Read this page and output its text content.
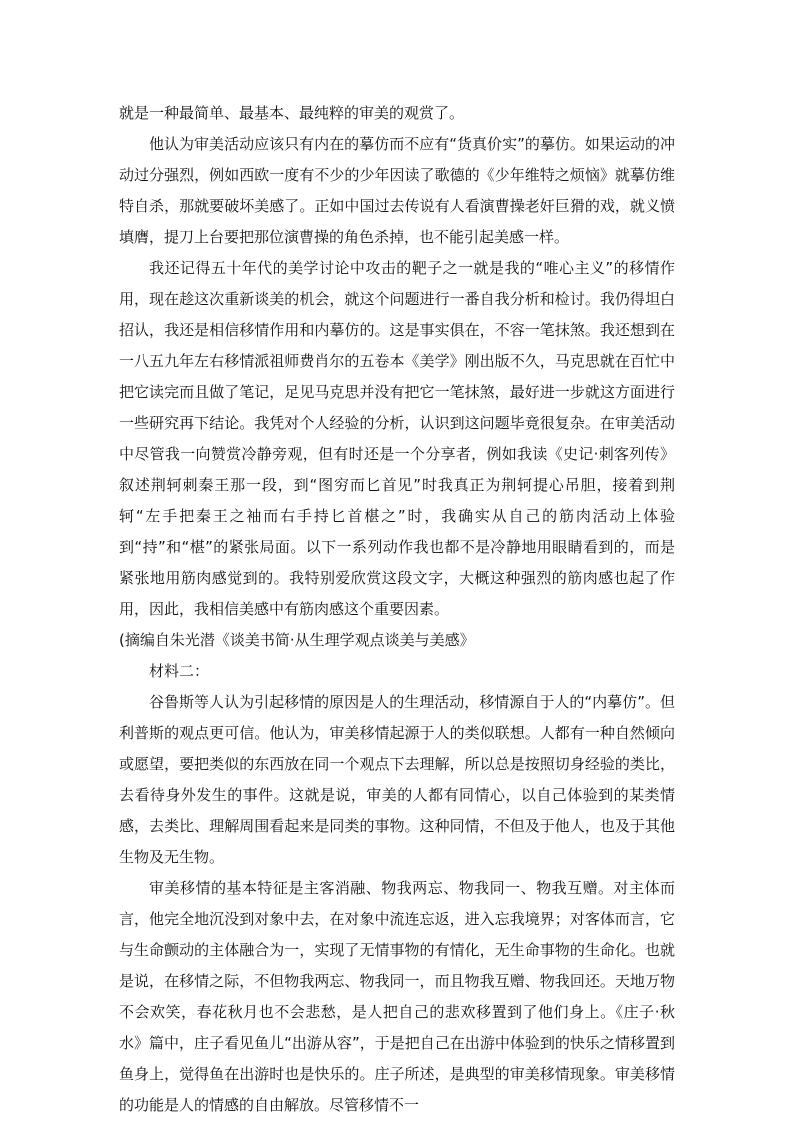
就是一种最简单、最基本、最纯粹的审美的观赏了。

他认为审美活动应该只有内在的摹仿而不应有“货真价实”的摹仿。如果运动的冲动过分强烈，例如西欧一度有不少的少年因读了歌德的《少年维特之烦恼》就摹仿维特自杀，那就要破坏美感了。正如中国过去传说有人看演曹操老奸巨猾的戏，就义愤填膺，提刀上台要把那位演曹操的角色杀掉，也不能引起美感一样。

我还记得五十年代的美学讨论中攻击的靶子之一就是我的“唯心主义”的移情作用，现在趁这次重新谈美的机会，就这个问题进行一番自我分析和检讨。我仍得坦白招认，我还是相信移情作用和内摹仿的。这是事实俱在，不容一笔抹煞。我还想到在一八五九年左右移情派祖师费肖尔的五卷本《美学》刚出版不久，马克思就在百忙中把它读完而且做了笔记，足见马克思并没有把它一笔抹煞，最好进一步就这方面进行一些研究再下结论。我凭对个人经验的分析，认识到这问题毕竟很复杂。在审美活动中尽管我一向赞赏冷静旁观，但有时还是一个分享者，例如我读《史记·刺客列传》叙述荆轲刺秦王那一段，到“图穷而匕首见”时我真正为荆轲提心吊胆，接着到荆轲“左手把秦王之袖而右手持匕首椹之”时，我确实从自己的筋肉活动上体验到“持”和“椹”的紧张局面。以下一系列动作我也都不是冷静地用眼睛看到的，而是紧张地用筋肉感觉到的。我特别爱欣赏这段文字，大概这种强烈的筋肉感也起了作用，因此，我相信美感中有筋肉感这个重要因素。

(摘编自朱光潜《谈美书简·从生理学观点谈美与美感》

材料二：

谷鲁斯等人认为引起移情的原因是人的生理活动，移情源自于人的“内摹仿”。但利普斯的观点更可信。他认为，审美移情起源于人的类似联想。人都有一种自然倾向或愿望，要把类似的东西放在同一个观点下去理解，所以总是按照切身经验的类比，去看待身外发生的事件。这就是说，审美的人都有同情心，以自己体验到的某类情感，去类比、理解周围看起来是同类的事物。这种同情，不但及于他人，也及于其他生物及无生物。

审美移情的基本特征是主客消融、物我两忘、物我同一、物我互赠。对主体而言，他完全地沉没到对象中去，在对象中流连忘返，进入忘我境界；对客体而言，它与生命颤动的主体融合为一，实现了无情事物的有情化，无生命事物的生命化。也就是说，在移情之际，不但物我两忘、物我同一，而且物我互赠、物我回还。天地万物不会欢笑，春花秋月也不会悲愁，是人把自己的悲欢移置到了他们身上。《庄子·秋水》篇中，庄子看见鱼儿“出游从容”，于是把自己在出游中体验到的快乐之情移置到鱼身上，觉得鱼在出游时也是快乐的。庄子所述，是典型的审美移情现象。审美移情的功能是人的情感的自由解放。尽管移情不一
